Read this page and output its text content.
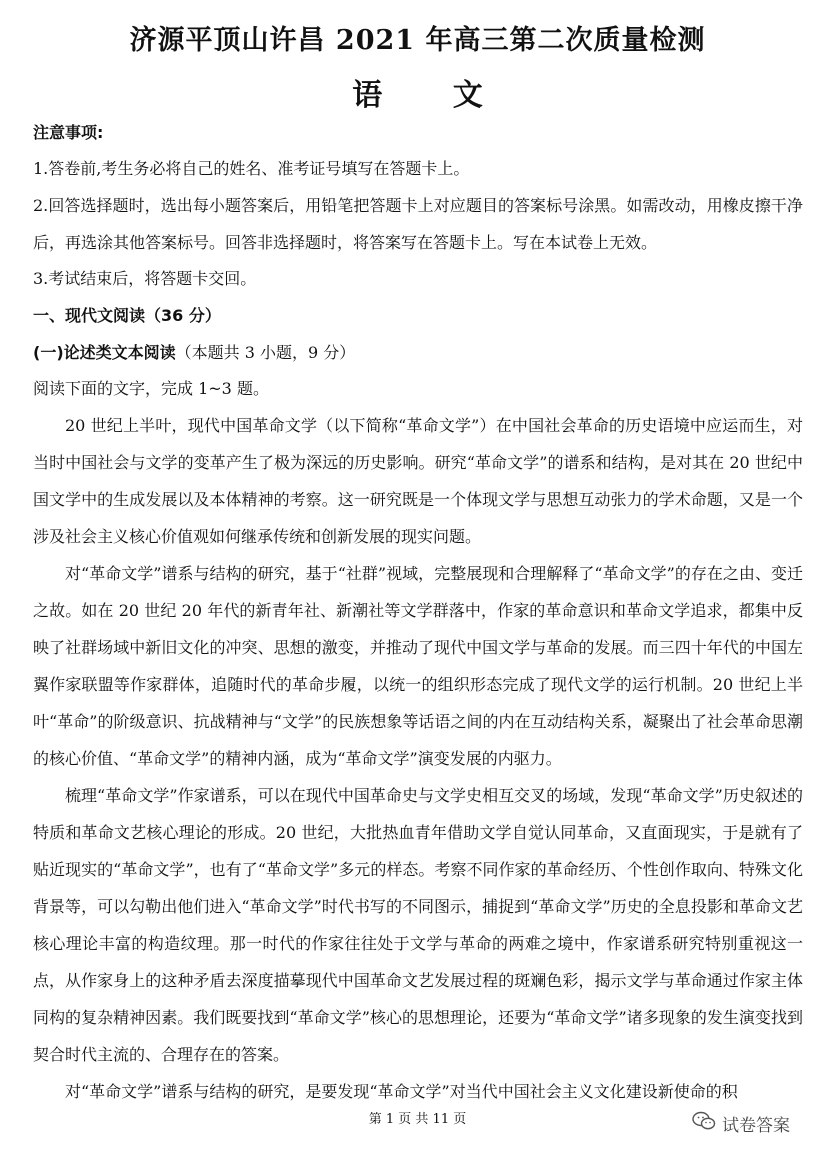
济源平顶山许昌 2021 年高三第二次质量检测
语 文
注意事项:
1.答卷前,考生务必将自己的姓名、准考证号填写在答题卡上。
2.回答选择题时，选出每小题答案后，用铅笔把答题卡上对应题目的答案标号涂黑。如需改动，用橡皮擦干净后，再选涂其他答案标号。回答非选择题时，将答案写在答题卡上。写在本试卷上无效。
3.考试结束后，将答题卡交回。
一、现代文阅读（36 分）
(一)论述类文本阅读（本题共 3 小题，9 分）
阅读下面的文字，完成 1~3 题。
20 世纪上半叶，现代中国革命文学（以下简称“革命文学”）在中国社会革命的历史语境中应运而生，对当时中国社会与文学的变革产生了极为深远的历史影响。研究“革命文学”的谱系和结构，是对其在 20 世纪中国文学中的生成发展以及本体精神的考察。这一研究既是一个体现文学与思想互动张力的学术命题，又是一个涉及社会主义核心价值观如何继承传统和创新发展的现实问题。
对“革命文学”谱系与结构的研究，基于“社群”视域，完整展现和合理解释了“革命文学”的存在之由、变迁之故。如在 20 世纪 20 年代的新青年社、新潮社等文学群落中，作家的革命意识和革命文学追求，都集中反映了社群场域中新旧文化的冲突、思想的激变，并推动了现代中国文学与革命的发展。而三四十年代的中国左翼作家联盟等作家群体，追随时代的革命步履，以统一的组织形态完成了现代文学的运行机制。20 世纪上半叶“革命”的阶级意识、抗战精神与“文学”的民族想象等话语之间的内在互动结构关系，凝聚出了社会革命思潮的核心价值、“革命文学”的精神内涵，成为“革命文学”演变发展的内驱力。
梳理“革命文学”作家谱系，可以在现代中国革命史与文学史相互交叉的场域，发现“革命文学”历史叙述的特质和革命文艺核心理论的形成。20 世纪，大批热血青年借助文学自觉认同革命，又直面现实，于是就有了贴近现实的“革命文学”，也有了“革命文学”多元的样态。考察不同作家的革命经历、个性创作取向、特殊文化背景等，可以勾勒出他们进入“革命文学”时代书写的不同图示，捕捉到“革命文学”历史的全息投影和革命文艺核心理论丰富的构造纹理。那一时代的作家往往处于文学与革命的两难之境中，作家谱系研究特别重视这一点，从作家身上的这种矛盾去深度描摹现代中国革命文艺发展过程的斑斓色彩，揭示文学与革命通过作家主体同构的复杂精神因素。我们既要找到“革命文学”核心的思想理论，还要为“革命文学”诸多现象的发生演变找到契合时代主流的、合理存在的答案。
对“革命文学”谱系与结构的研究，是要发现“革命文学”对当代中国社会主义文化建设新使命的积
第 1 页 共 11 页	试卷答案
